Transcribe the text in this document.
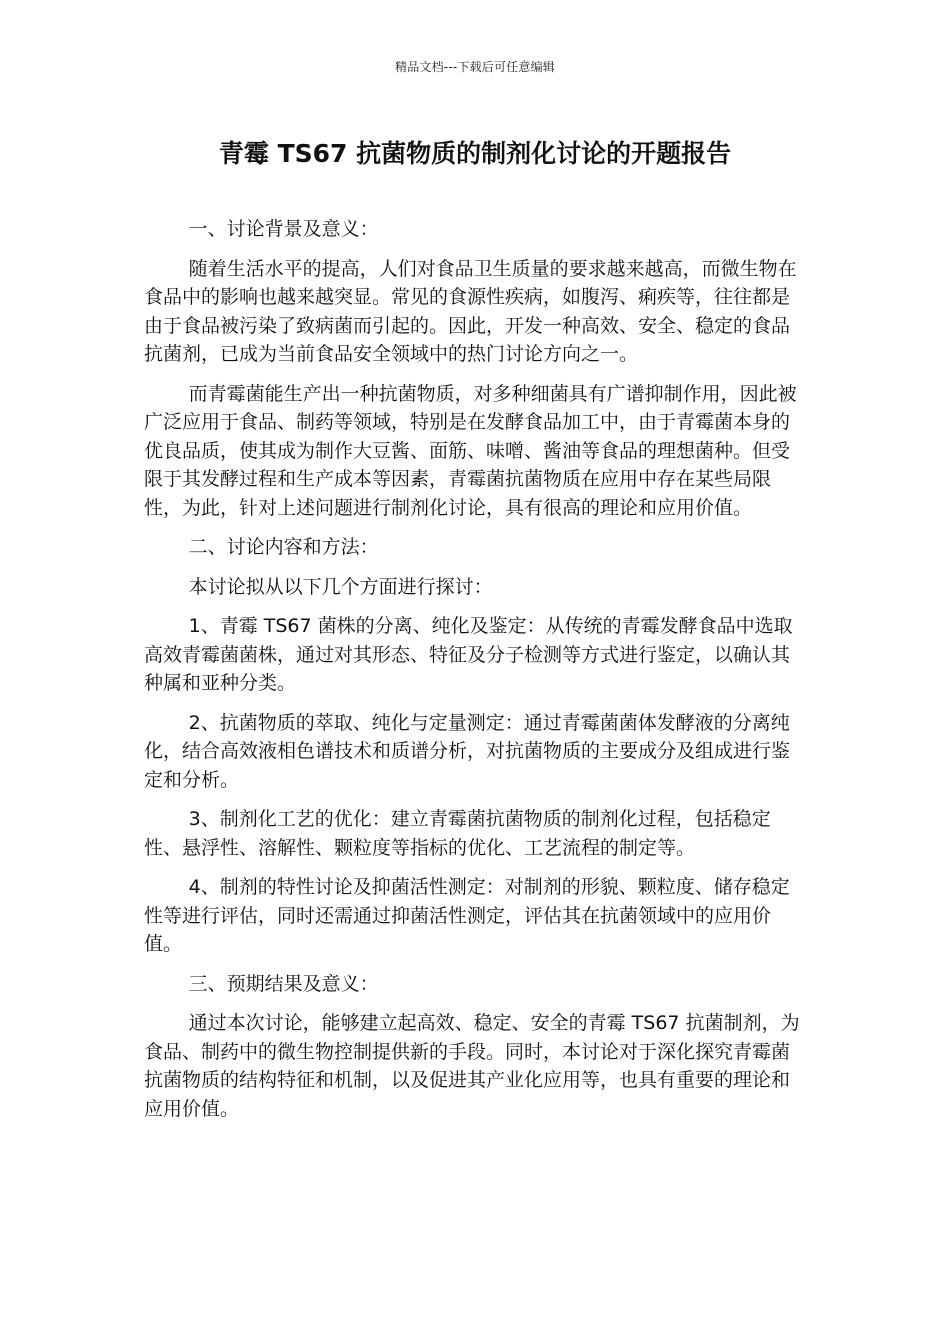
精品文档---下载后可任意编辑
青霉 TS67 抗菌物质的制剂化讨论的开题报告

一、讨论背景及意义：

随着生活水平的提高，人们对食品卫生质量的要求越来越高，而微生物在食品中的影响也越来越突显。常见的食源性疾病，如腹泻、痢疾等，往往都是由于食品被污染了致病菌而引起的。因此，开发一种高效、安全、稳定的食品抗菌剂，已成为当前食品安全领域中的热门讨论方向之一。

而青霉菌能生产出一种抗菌物质，对多种细菌具有广谱抑制作用，因此被广泛应用于食品、制药等领域，特别是在发酵食品加工中，由于青霉菌本身的优良品质，使其成为制作大豆酱、面筋、味噌、酱油等食品的理想菌种。但受限于其发酵过程和生产成本等因素，青霉菌抗菌物质在应用中存在某些局限性，为此，针对上述问题进行制剂化讨论，具有很高的理论和应用价值。

二、讨论内容和方法：

本讨论拟从以下几个方面进行探讨：

1、青霉 TS67 菌株的分离、纯化及鉴定：从传统的青霉发酵食品中选取高效青霉菌菌株，通过对其形态、特征及分子检测等方式进行鉴定，以确认其种属和亚种分类。

2、抗菌物质的萃取、纯化与定量测定：通过青霉菌菌体发酵液的分离纯化，结合高效液相色谱技术和质谱分析，对抗菌物质的主要成分及组成进行鉴定和分析。

3、制剂化工艺的优化：建立青霉菌抗菌物质的制剂化过程，包括稳定性、悬浮性、溶解性、颗粒度等指标的优化、工艺流程的制定等。

4、制剂的特性讨论及抑菌活性测定：对制剂的形貌、颗粒度、储存稳定性等进行评估，同时还需通过抑菌活性测定，评估其在抗菌领域中的应用价值。

三、预期结果及意义：

通过本次讨论，能够建立起高效、稳定、安全的青霉 TS67 抗菌制剂，为食品、制药中的微生物控制提供新的手段。同时，本讨论对于深化探究青霉菌抗菌物质的结构特征和机制，以及促进其产业化应用等，也具有重要的理论和应用价值。
